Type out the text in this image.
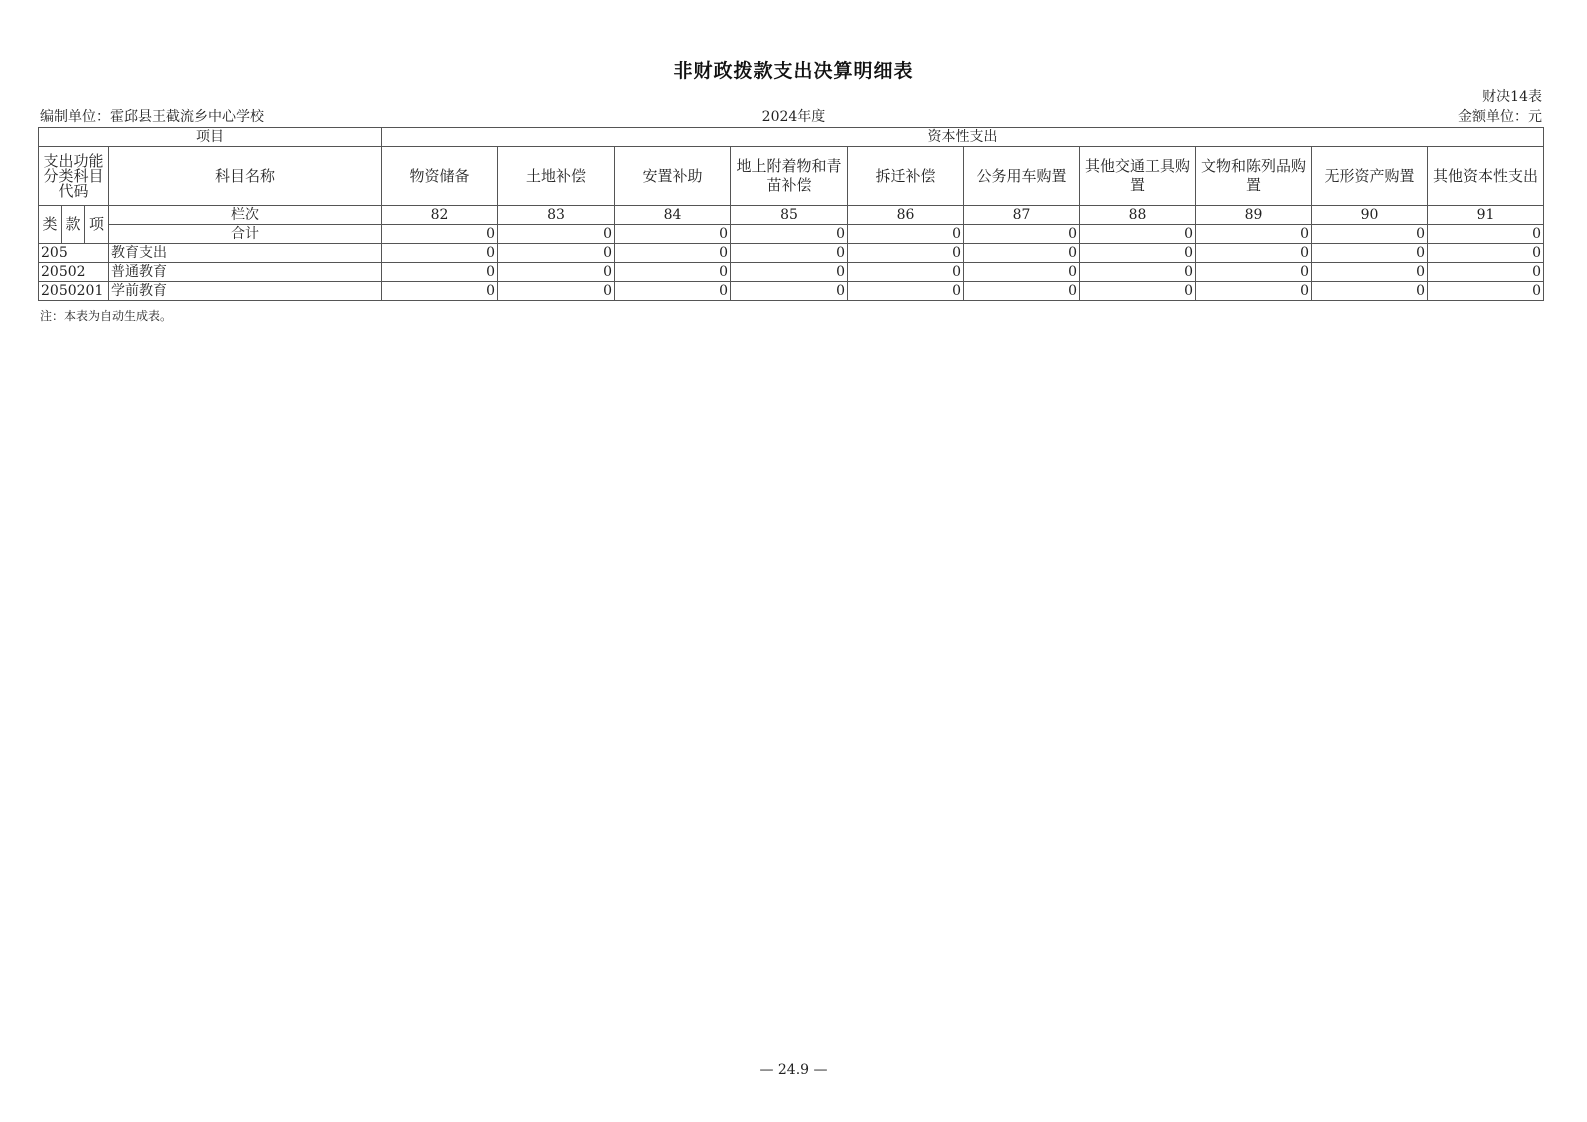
非财政拨款支出决算明细表
财决14表
编制单位：霍邱县王截流乡中心学校	2024年度	金额单位：元
项目				资本性支出									
支出功能分类科目代码			科目名称	物资储备	土地补偿	安置补助	地上附着物和青苗补偿	拆迁补偿	公务用车购置	其他交通工具购置	文物和陈列品购置	无形资产购置	其他资本性支出
类	款	项	栏次	82	83	84	85	86	87	88	89	90	91
			合计	0	0	0	0	0	0	0	0	0	0
205			教育支出	0	0	0	0	0	0	0	0	0	0
20502			普通教育	0	0	0	0	0	0	0	0	0	0
2050201			学前教育	0	0	0	0	0	0	0	0	0	0
注：本表为自动生成表。
— 24.9 —
